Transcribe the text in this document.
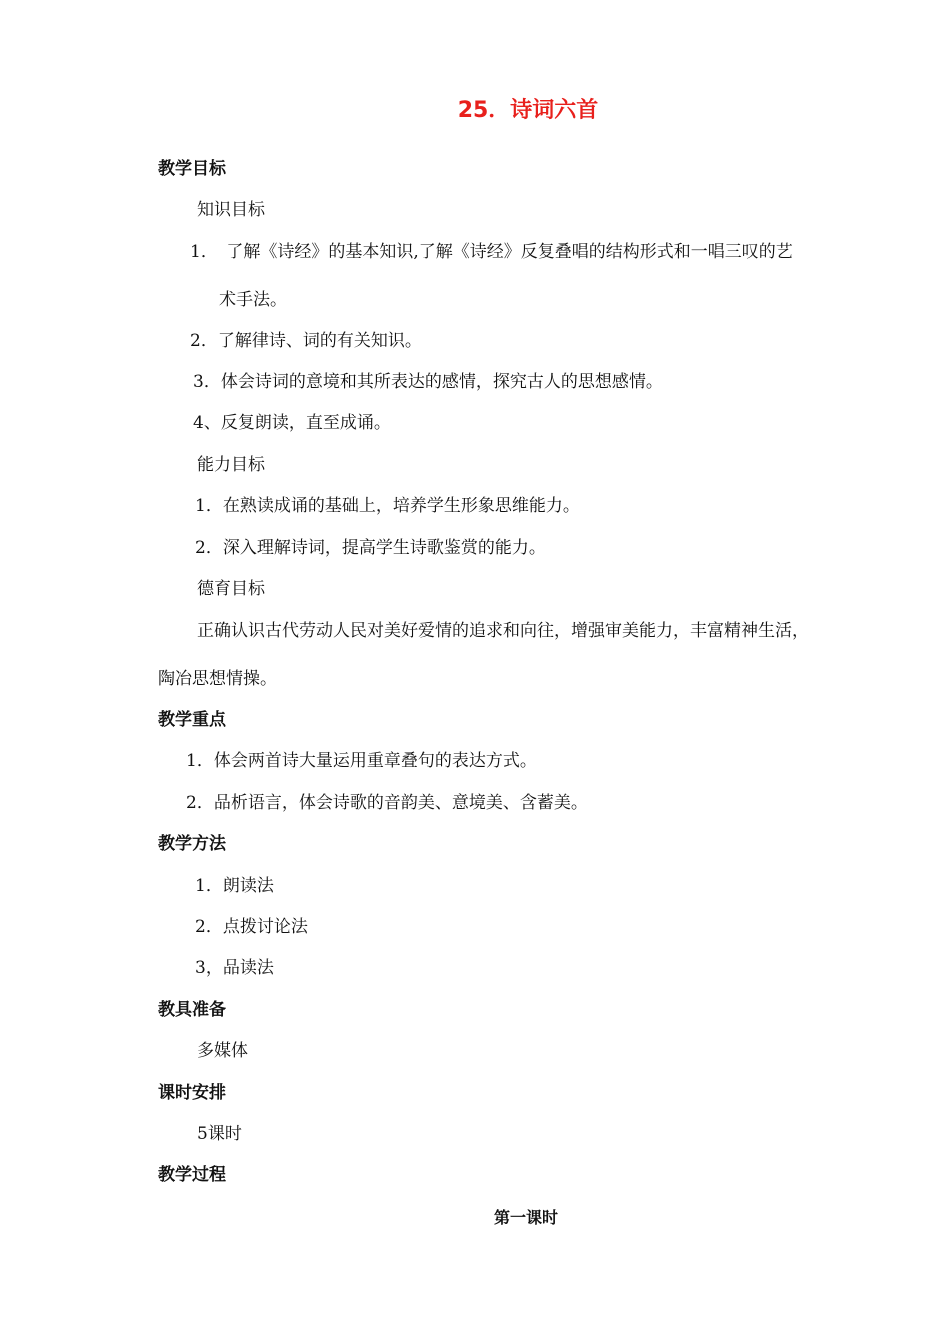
25．诗词六首
教学目标
知识目标
1．　了解《诗经》的基本知识,了解《诗经》反复叠唱的结构形式和一唱三叹的艺
术手法。
2．了解律诗、词的有关知识。
3．体会诗词的意境和其所表达的感情，探究古人的思想感情。
4、反复朗读，直至成诵。
能力目标
1．在熟读成诵的基础上，培养学生形象思维能力。
2．深入理解诗词，提高学生诗歌鉴赏的能力。
德育目标
正确认识古代劳动人民对美好爱情的追求和向往，增强审美能力，丰富精神生活，
陶冶思想情操。
教学重点
1．体会两首诗大量运用重章叠句的表达方式。
2．品析语言，体会诗歌的音韵美、意境美、含蓄美。
教学方法
1．朗读法
2．点拨讨论法
3，品读法
教具准备
多媒体
课时安排
5课时
教学过程
第一课时
